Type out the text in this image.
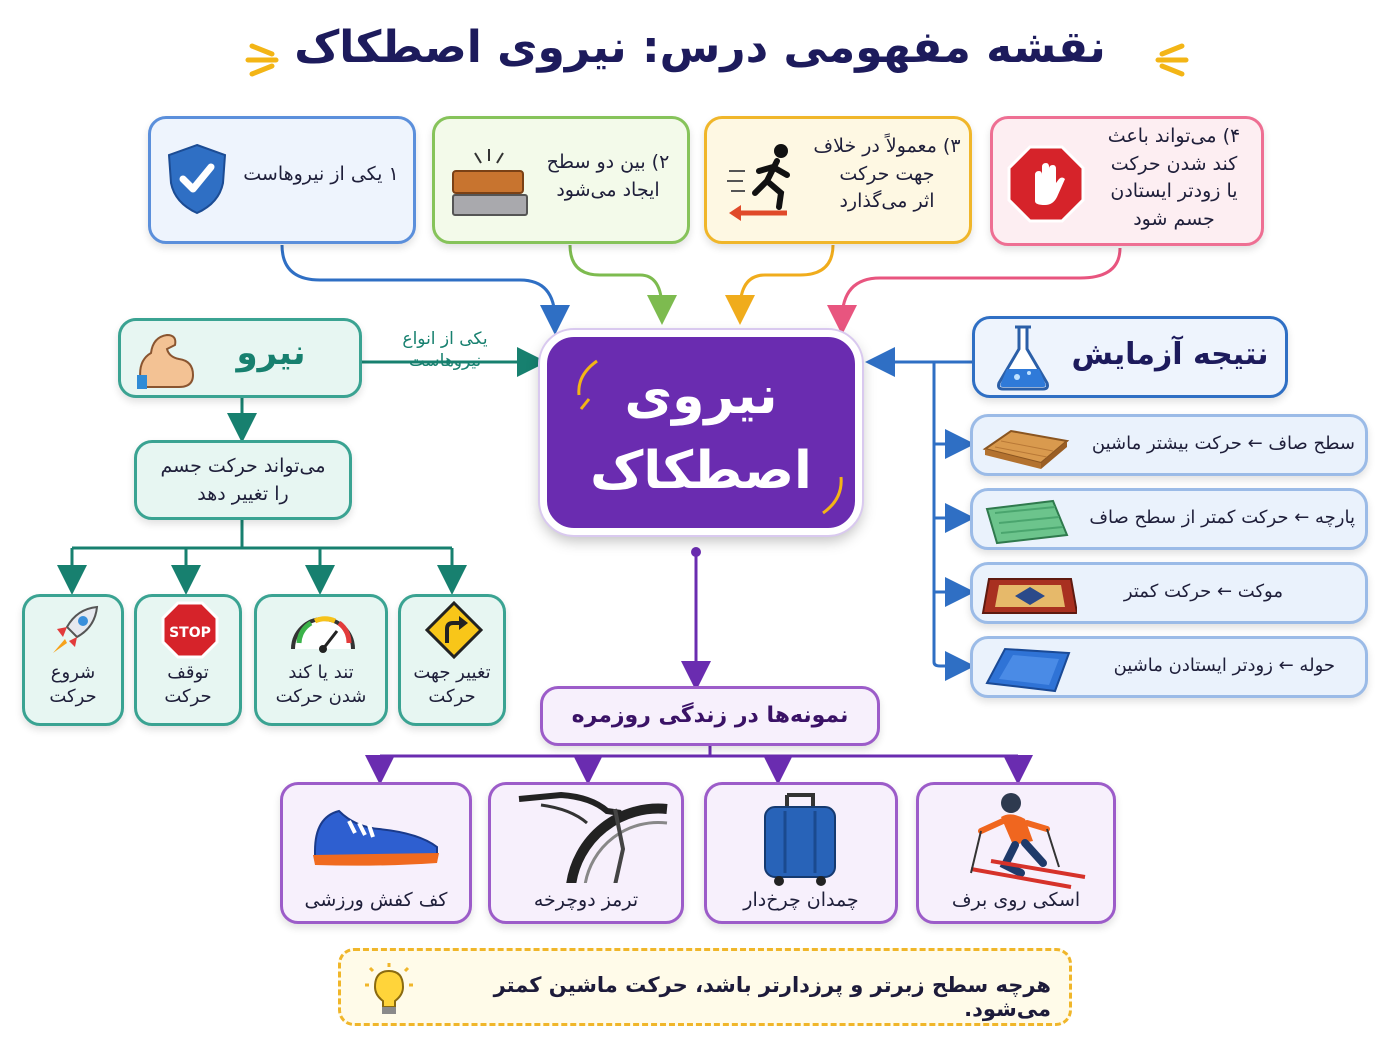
نقشه مفهومی درس: نیروی اصطکاک
۱ یکی از نیروهاست
۲) بین دو سطح
ایجاد می‌شود
۳) معمولاً در خلاف
جهت حرکت
اثر می‌گذارد
۴) می‌تواند باعث
کند شدن حرکت
یا زودتر ایستادن
جسم شود
نیروی
اصطکاک
نیرو	یکی از انواع
نیروهاست
می‌تواند حرکت جسم
را تغییر دهد
شروع
حرکت
STOP
توقف
حرکت
تند یا کند
شدن حرکت
تغییر جهت
حرکت
نتیجه آزمایش
سطح صاف ← حرکت بیشتر ماشین
پارچه ← حرکت کمتر از سطح صاف
موکت ← حرکت کمتر
حوله ← زودتر ایستادن ماشین
نمونه‌ها در زندگی روزمره
کف کفش ورزشی	ترمز دوچرخه	چمدان چرخ‌دار	اسکی روی برف
هرچه سطح زبرتر و پرزدارتر باشد، حرکت ماشین کمتر می‌شود.
